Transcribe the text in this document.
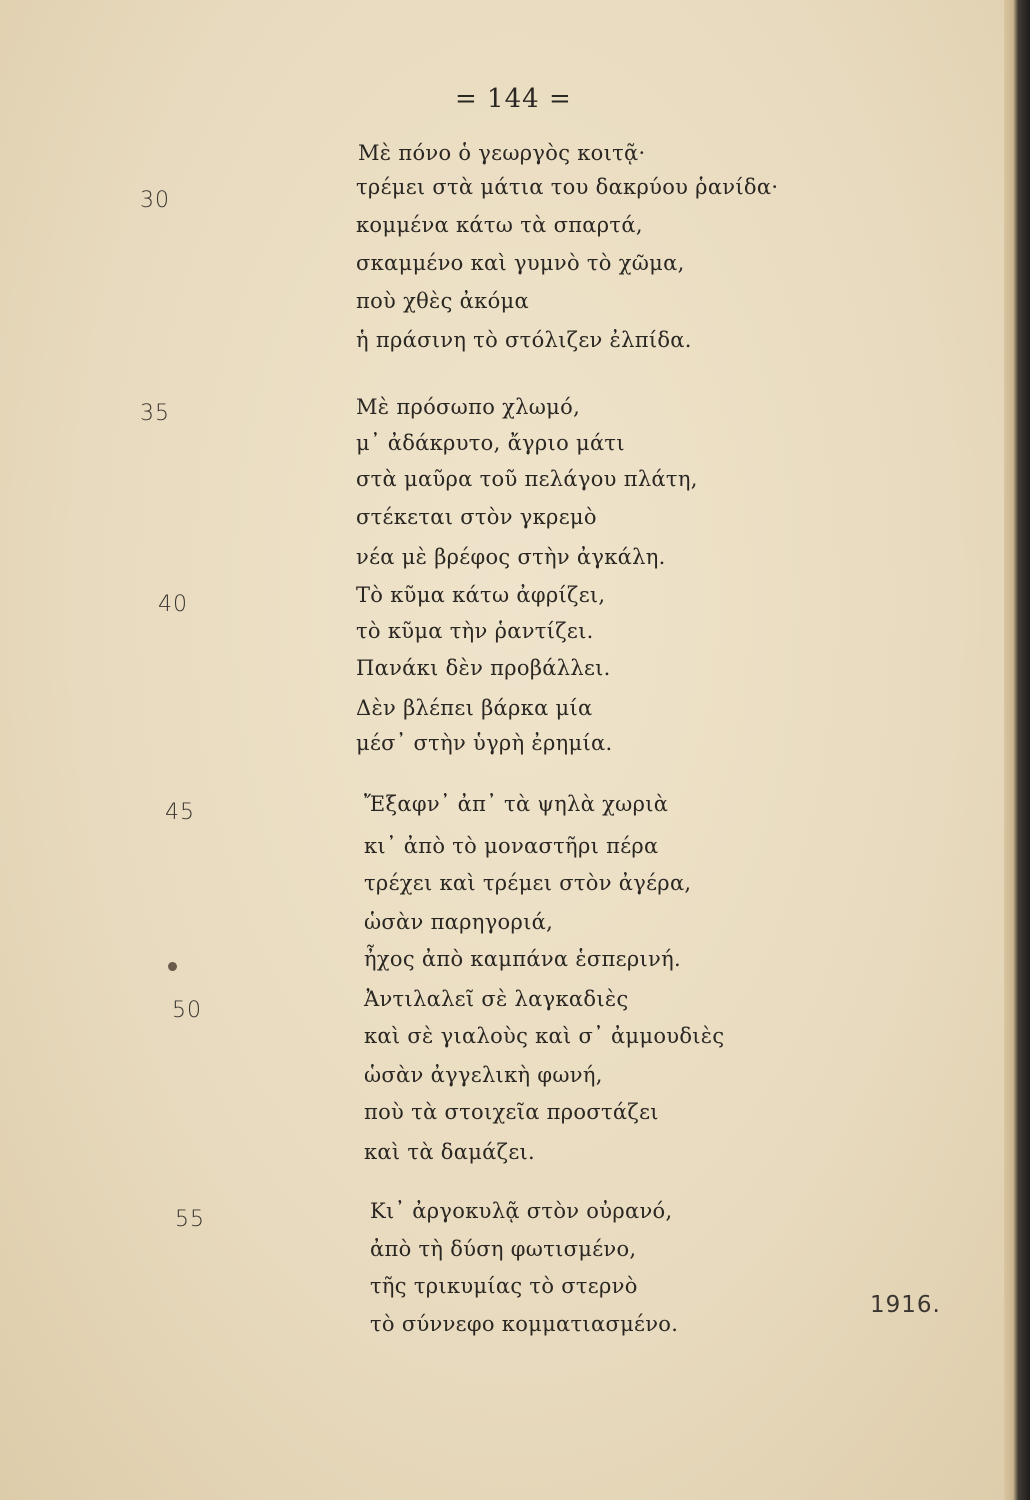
= 144 =
30
35
40
45
50
55
Μὲ πόνο ὁ γεωργὸς κοιτᾷ·
τρέμει στὰ μάτια του δακρύου ῥανίδα·
κομμένα κάτω τὰ σπαρτά,
σκαμμένο καὶ γυμνὸ τὸ χῶμα,
ποὺ χθὲς ἀκόμα
ἡ πράσινη τὸ στόλιζεν ἐλπίδα.
Μὲ πρόσωπο χλωμό,
μ᾽ ἀδάκρυτο, ἄγριο μάτι
στὰ μαῦρα τοῦ πελάγου πλάτη,
στέκεται στὸν γκρεμὸ
νέα μὲ βρέφος στὴν ἀγκάλη.
Τὸ κῦμα κάτω ἀφρίζει,
τὸ κῦμα τὴν ῥαντίζει.
Πανάκι δὲν προβάλλει.
Δὲν βλέπει βάρκα μία
μέσ᾽ στὴν ὑγρὴ ἐρημία.
Ἔξαφν᾽ ἀπ᾽ τὰ ψηλὰ χωριὰ
κι᾽ ἀπὸ τὸ μοναστῆρι πέρα
τρέχει καὶ τρέμει στὸν ἀγέρα,
ὡσὰν παρηγοριά,
ἦχος ἀπὸ καμπάνα ἑσπερινή.
Ἀντιλαλεῖ σὲ λαγκαδιὲς
καὶ σὲ γιαλοὺς καὶ σ᾽ ἀμμουδιὲς
ὡσὰν ἀγγελικὴ φωνή,
ποὺ τὰ στοιχεῖα προστάζει
καὶ τὰ δαμάζει.
Κι᾽ ἀργοκυλᾷ στὸν οὐρανό,
ἀπὸ τὴ δύση φωτισμένο,
τῆς τρικυμίας τὸ στερνὸ
τὸ σύννεφο κομματιασμένο.
1916.
